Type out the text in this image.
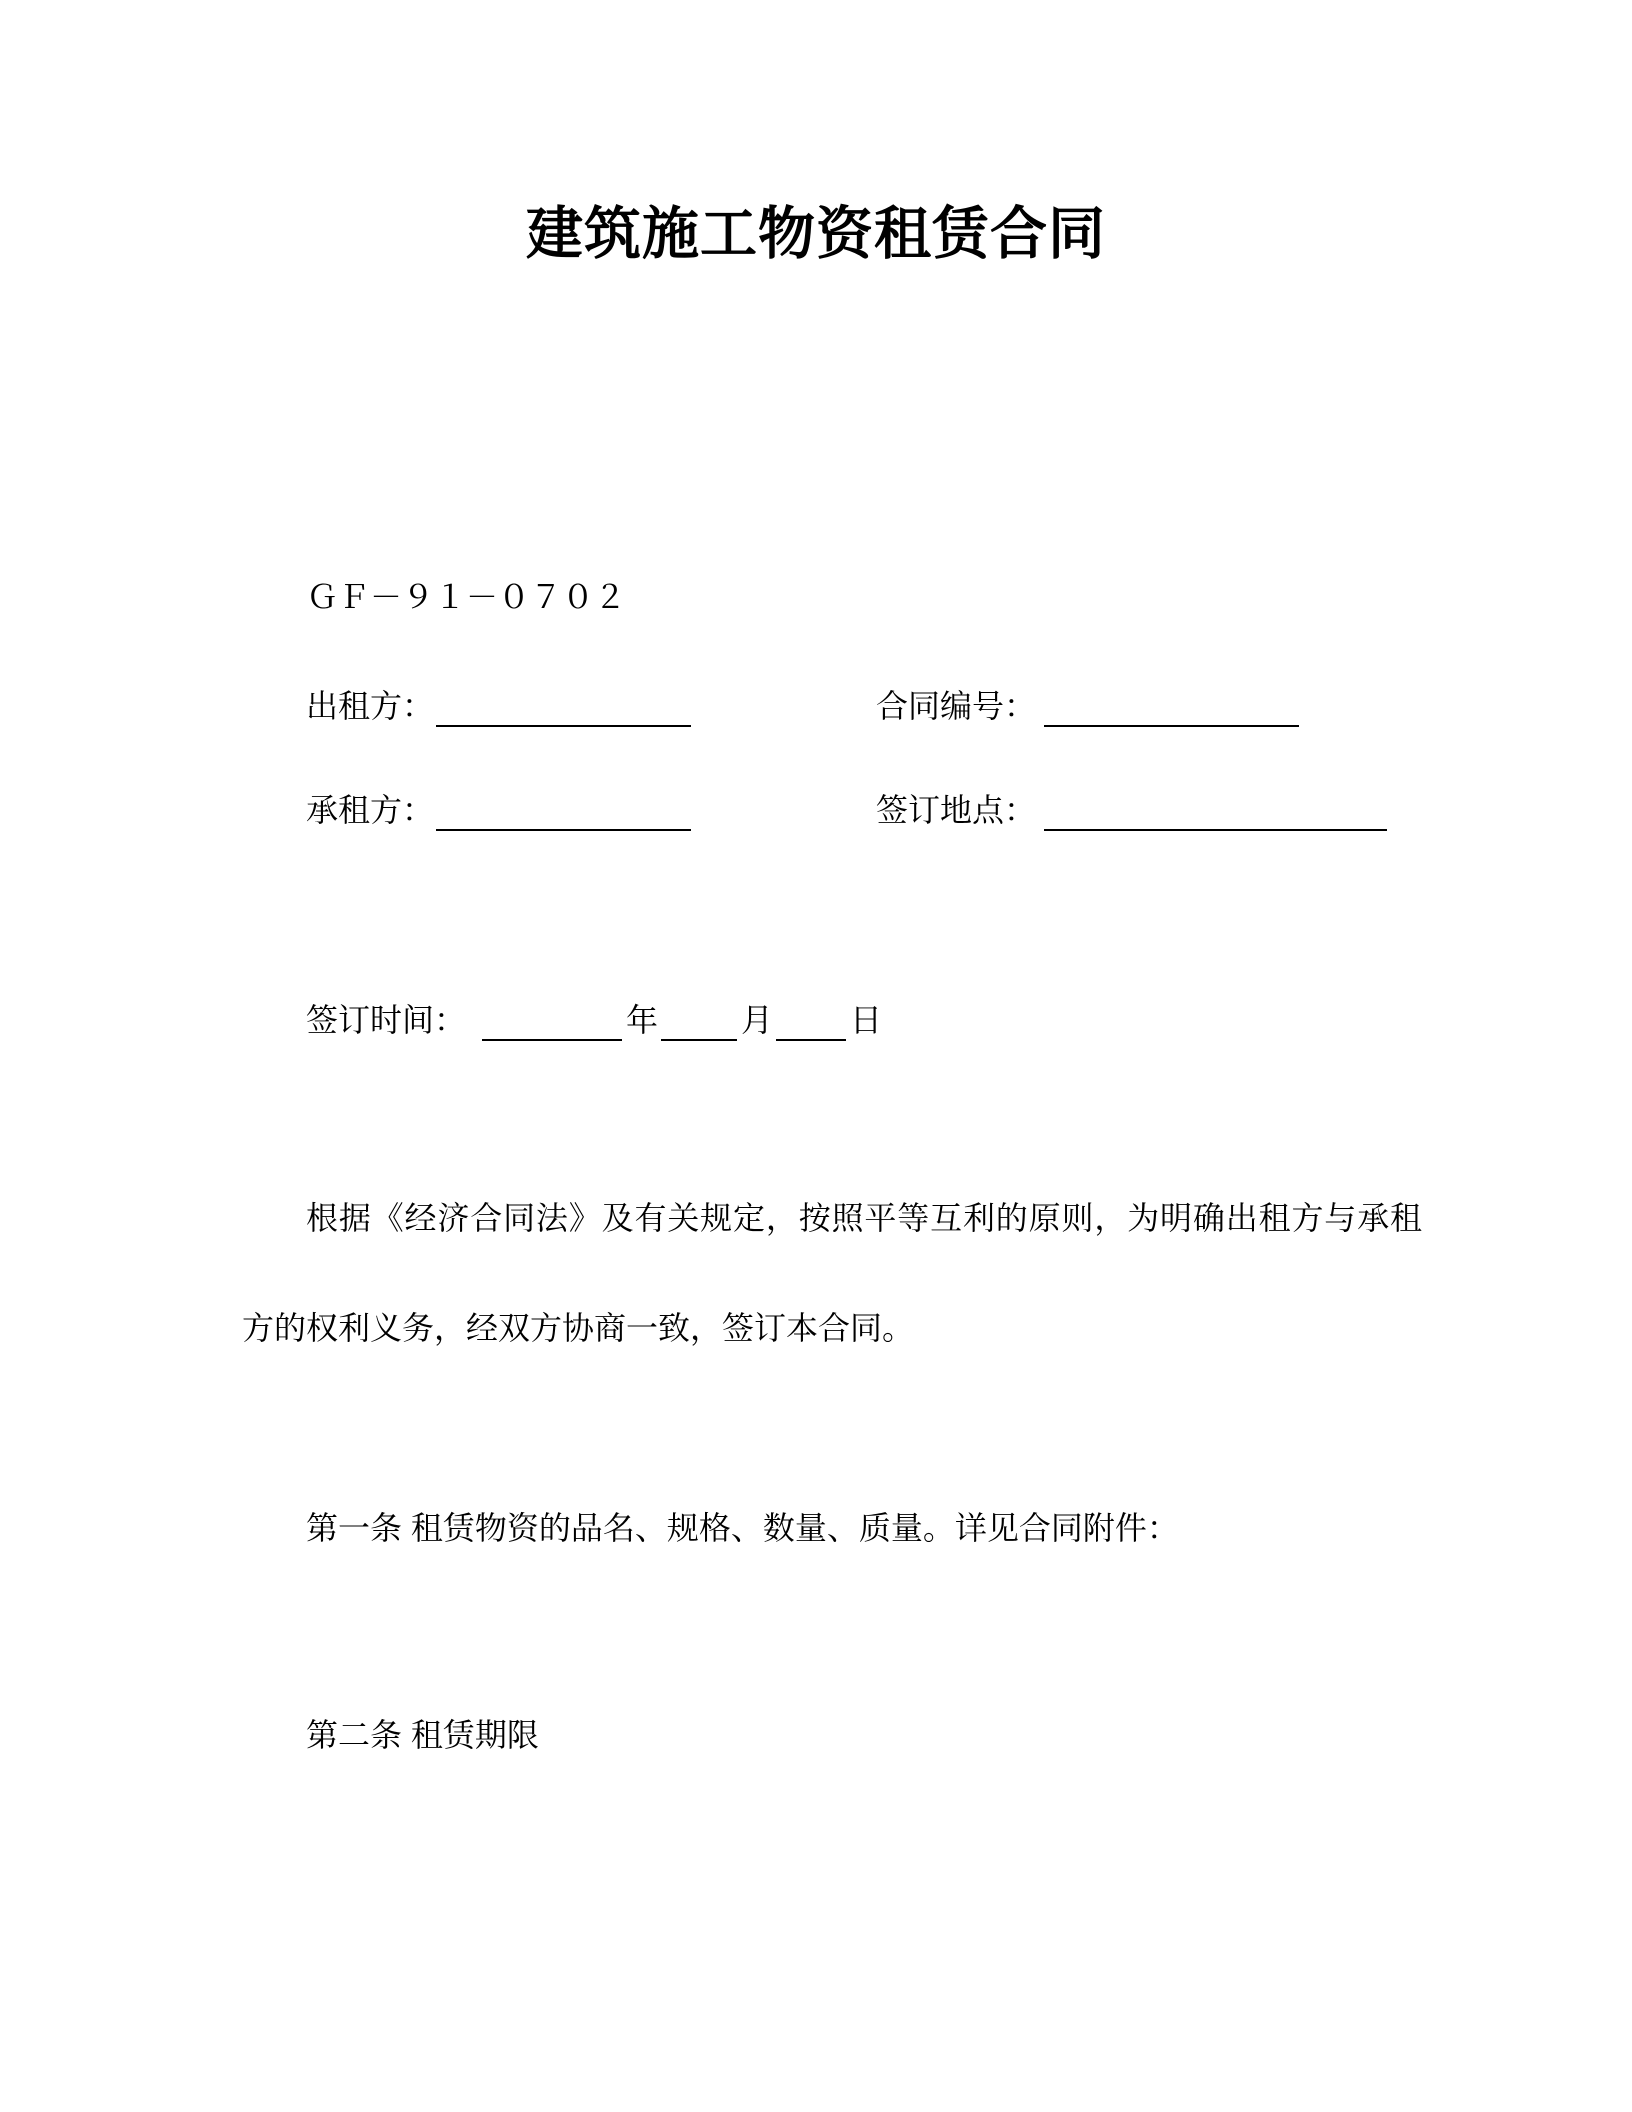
建筑施工物资租赁合同
ＧＦ－９１－０７０２
出租方：	合同编号：
承租方：	签订地点：
签订时间：	年	月 日
根据《经济合同法》及有关规定，按照平等互利的原则，为明确出租方与承租方的权利义务，经双方协商一致，签订本合同。
第一条 租赁物资的品名、规格、数量、质量。详见合同附件：
第二条 租赁期限
